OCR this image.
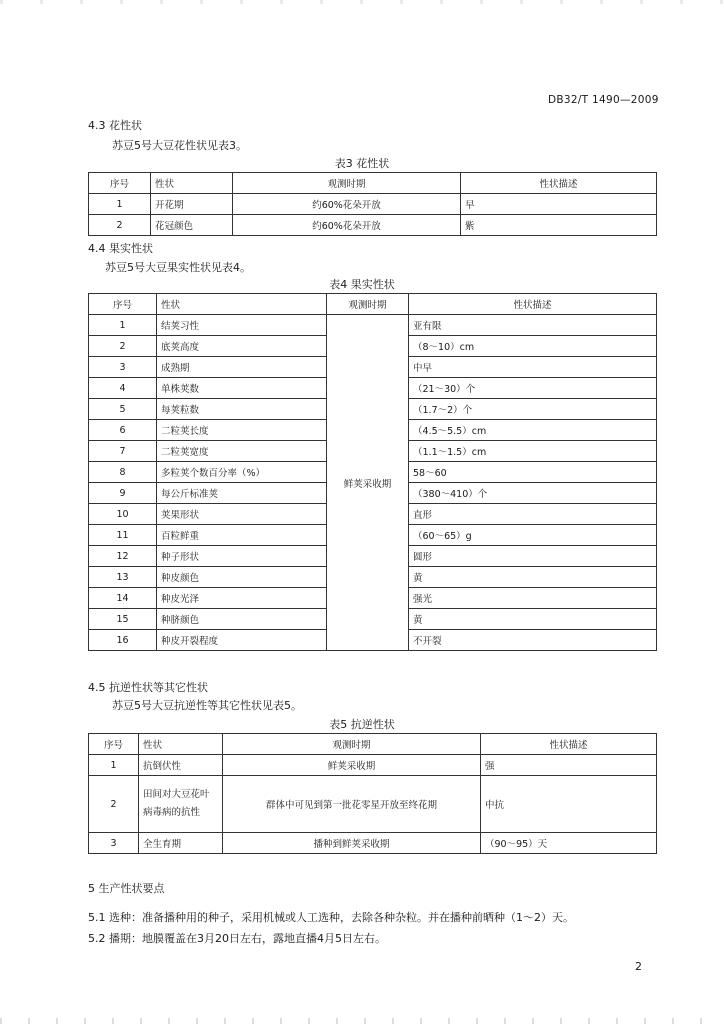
DB32/T 1490—2009
4.3 花性状
苏豆5号大豆花性状见表3。
表3 花性状
序号	性状	观测时期	性状描述
1	开花期	约60%花朵开放	早
2	花冠颜色	约60%花朵开放	紫
4.4 果实性状
苏豆5号大豆果实性状见表4。
表4 果实性状
序号	性状	观测时期	性状描述
1	结荚习性	鲜荚采收期	亚有限
2	底荚高度		（8～10）cm
3	成熟期		中早
4	单株荚数		（21～30）个
5	每荚粒数		（1.7～2）个
6	二粒荚长度		（4.5～5.5）cm
7	二粒荚宽度		（1.1～1.5）cm
8	多粒荚个数百分率（%）		58～60
9	每公斤标准荚		（380～410）个
10	荚果形状		直形
11	百粒鲜重		（60～65）g
12	种子形状		圆形
13	种皮颜色		黄
14	种皮光泽		强光
15	种脐颜色		黄
16	种皮开裂程度		不开裂
4.5 抗逆性状等其它性状
苏豆5号大豆抗逆性等其它性状见表5。
表5 抗逆性状
序号	性状	观测时期	性状描述
1	抗倒伏性	鲜荚采收期	强
2	田间对大豆花叶病毒病的抗性	群体中可见到第一批花零星开放至终花期	中抗
3	全生育期	播种到鲜荚采收期	（90～95）天
5 生产性状要点
5.1 选种：准备播种用的种子，采用机械或人工选种，去除各种杂粒。并在播种前晒种（1～2）天。
5.2 播期：地膜覆盖在3月20日左右，露地直播4月5日左右。
2
